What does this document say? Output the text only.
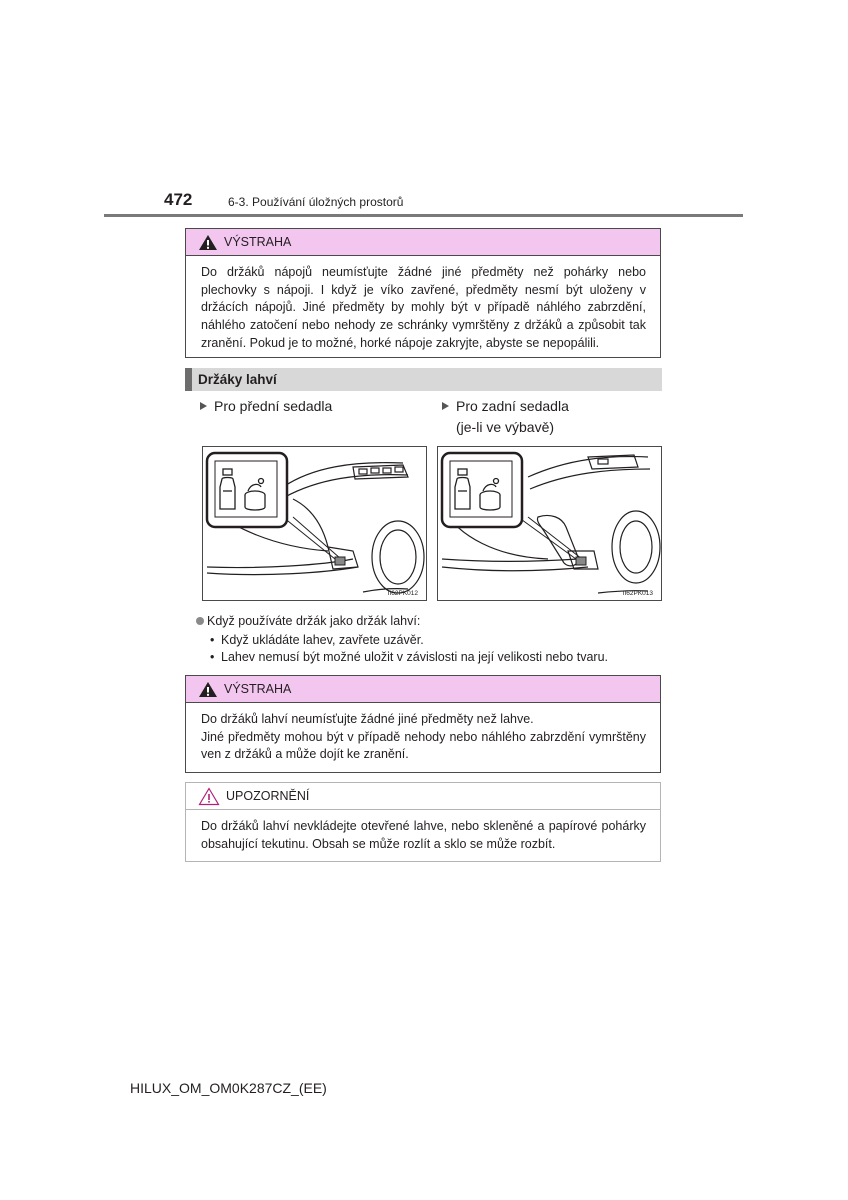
472	6-3. Používání úložných prostorů
VÝSTRAHA

Do držáků nápojů neumísťujte žádné jiné předměty než pohárky nebo plechovky s nápoji. I když je víko zavřené, předměty nesmí být uloženy v držácích nápojů. Jiné předměty by mohly být v případě náhlého zabrzdění, náhlého zatočení nebo nehody ze schránky vymrštěny z držáků a způsobit tak zranění. Pokud je to možné, horké nápoje zakryjte, abyste se nepopálili.

Držáky lahví
Pro přední sedadla	Pro zadní sedadla
(je-li ve výbavě)
II62PK012	II62PK013
Když používáte držák jako držák lahví:
• Když ukládáte lahev, zavřete uzávěr.
• Lahev nemusí být možné uložit v závislosti na její velikosti nebo tvaru.
VÝSTRAHA

Do držáků lahví neumísťujte žádné jiné předměty než lahve.

Jiné předměty mohou být v případě nehody nebo náhlého zabrzdění vymrštěny ven z držáků a může dojít ke zranění.

UPOZORNĚNÍ

Do držáků lahví nevkládejte otevřené lahve, nebo skleněné a papírové pohárky obsahující tekutinu. Obsah se může rozlít a sklo se může rozbít.

HILUX_OM_OM0K287CZ_(EE)
